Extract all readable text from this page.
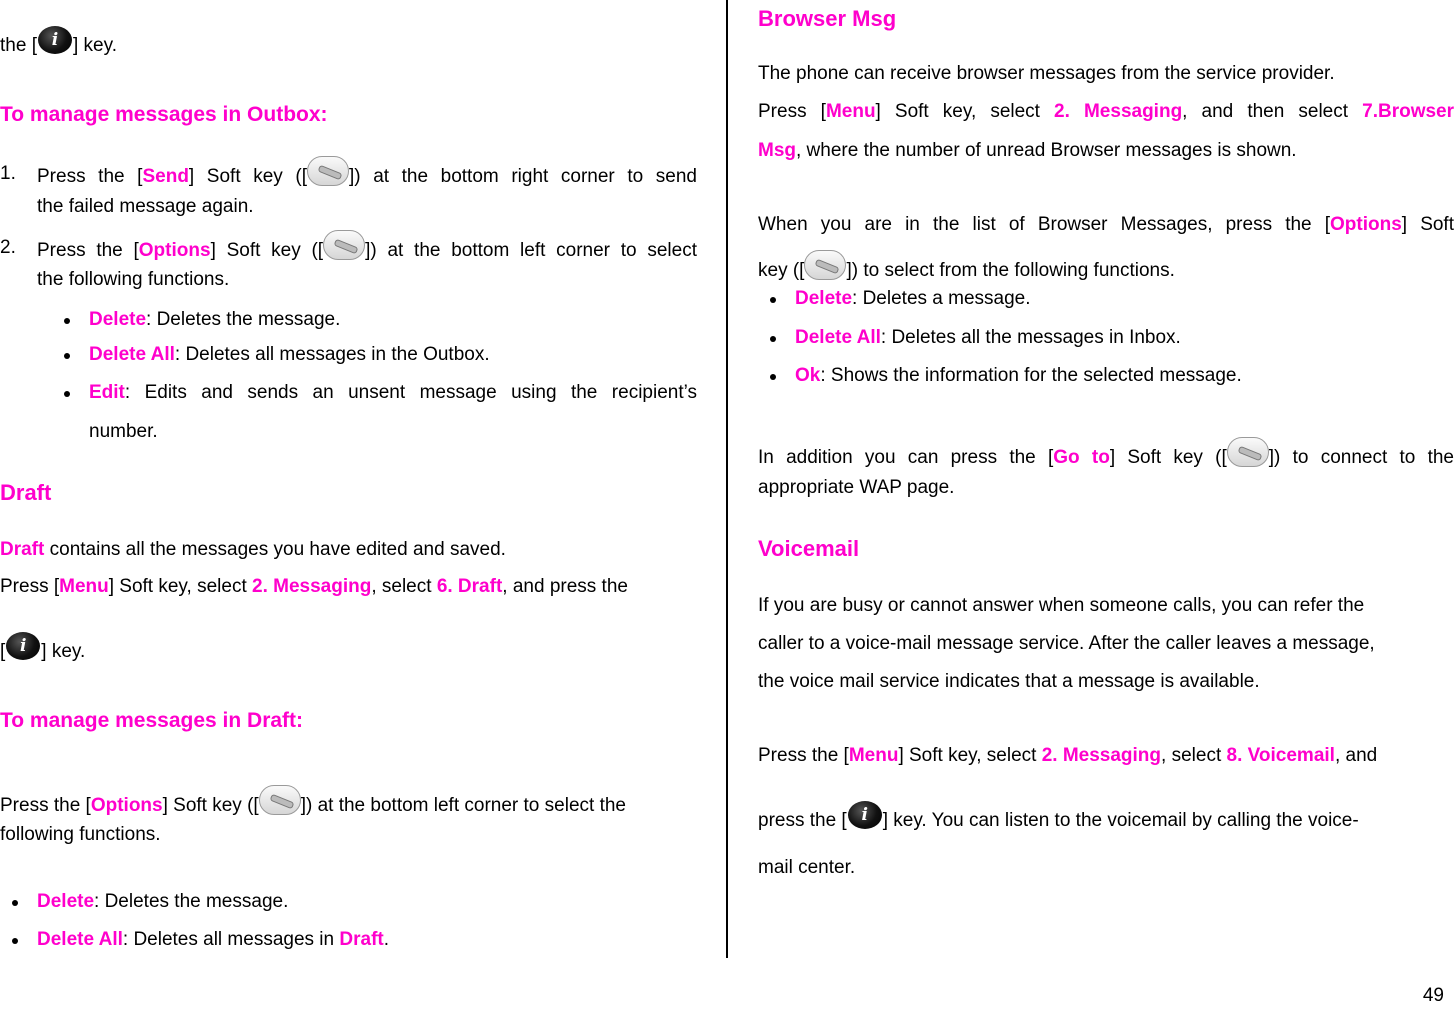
the [ i ] key.

To manage messages in Outbox:

1. Press the [Send] Soft key ([ ]) at the bottom right corner to send

the failed message again.

2. Press the [Options] Soft key ([ ]) at the bottom left corner to select

the following functions.

Delete: Deletes the message.

Delete All: Deletes all messages in the Outbox.

Edit: Edits and sends an unsent message using the recipient’s

number.

Draft

Draft contains all the messages you have edited and saved.

Press [Menu] Soft key, select 2. Messaging, select 6. Draft, and press the

[ i ] key.

To manage messages in Draft:

Press the [Options] Soft key ([ ]) at the bottom left corner to select the

following functions.

Delete: Deletes the message.

Delete All: Deletes all messages in Draft.

Browser Msg

The phone can receive browser messages from the service provider.

Press [Menu] Soft key, select 2. Messaging, and then select 7.Browser

Msg, where the number of unread Browser messages is shown.

When you are in the list of Browser Messages, press the [Options] Soft

key ([ ]) to select from the following functions.

Delete: Deletes a message.

Delete All: Deletes all the messages in Inbox.

Ok: Shows the information for the selected message.

In addition you can press the [Go to] Soft key ([ ]) to connect to the

appropriate WAP page.

Voicemail

If you are busy or cannot answer when someone calls, you can refer the

caller to a voice-mail message service. After the caller leaves a message,

the voice mail service indicates that a message is available.

Press the [Menu] Soft key, select 2. Messaging, select 8. Voicemail, and

press the [ i ] key. You can listen to the voicemail by calling the voice-

mail center.

49
